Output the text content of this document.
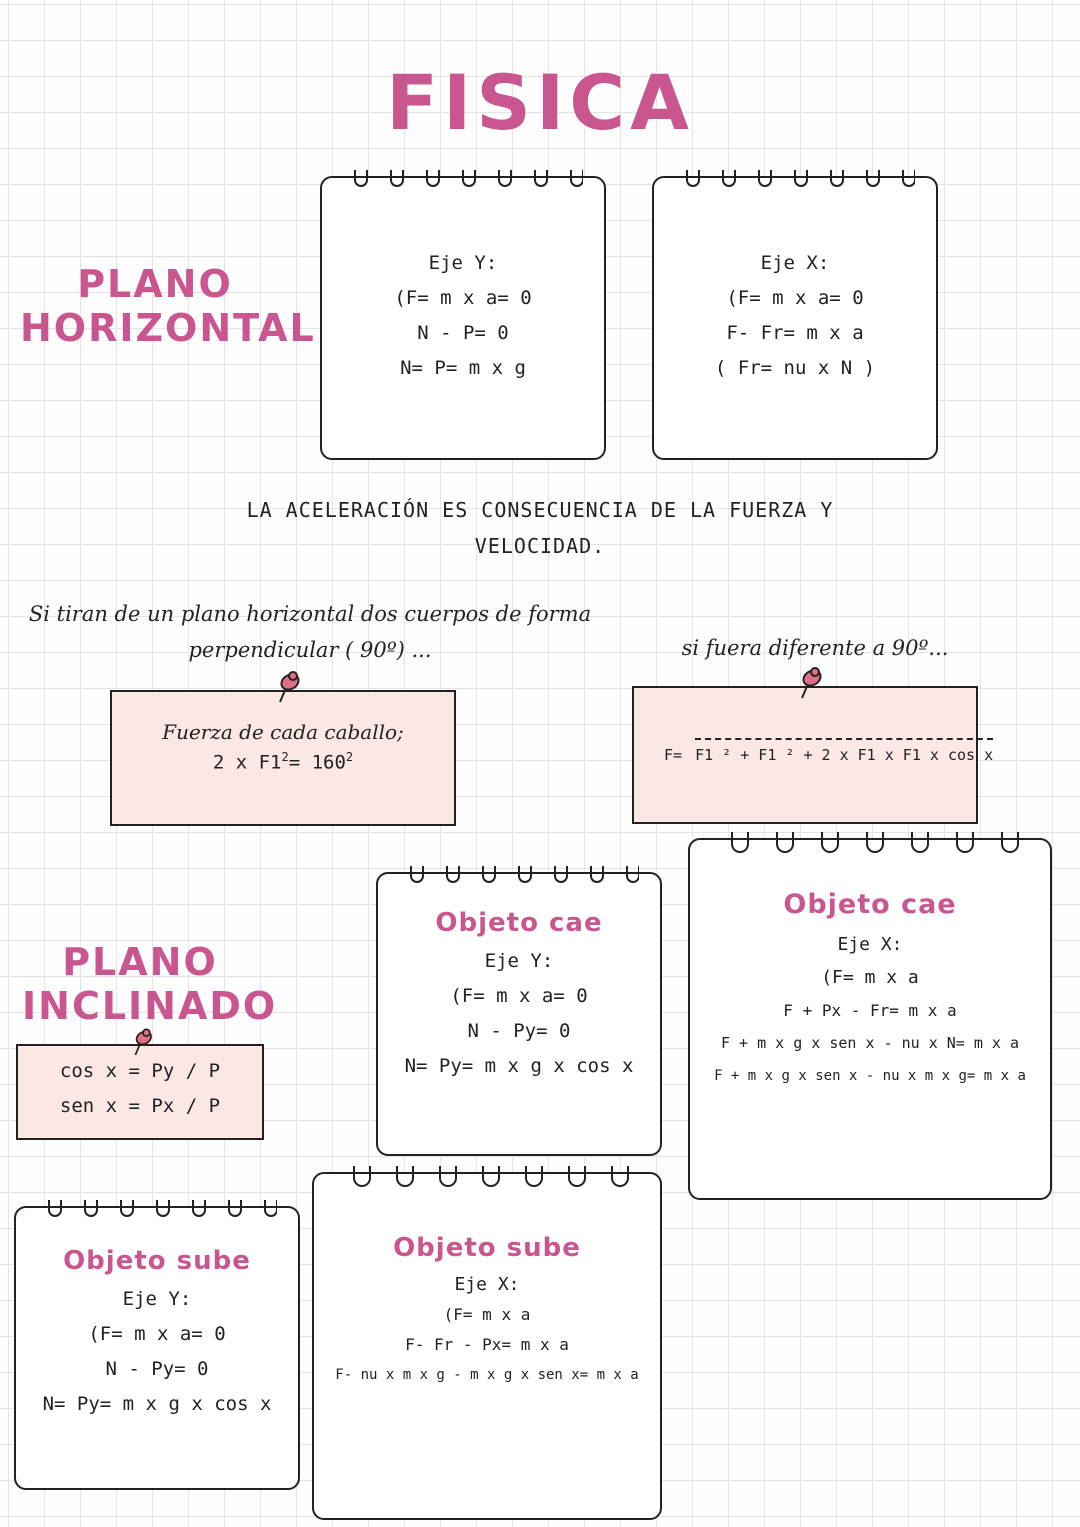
FISICA
PLANO
HORIZONTAL
Eje Y:
(F= m x a= 0
N - P= 0
N= P= m x g
Eje X:
(F= m x a= 0
F- Fr= m x a
( Fr= nu x N )
LA ACELERACIÓN ES CONSECUENCIA DE LA FUERZA Y
VELOCIDAD.
Si tiran de un plano horizontal dos cuerpos de forma
perpendicular ( 90º) ...	si fuera diferente a 90º...
Fuerza de cada caballo;
2 x $F1^2= 160^2$	F= F1 ² + F1 ² + 2 x F1 x F1 x cos x
PLANO
INCLINADO
cos x = Py / P
sen x = Px / P
Objeto cae
Eje Y:
(F= m x a= 0
N - Py= 0
N= Py= m x g x cos x
Objeto cae
Eje X:
(F= m x a
F + Px - Fr= m x a
F + m x g x sen x - nu x N= m x a
F + m x g x sen x - nu x m x g= m x a
Objeto sube
Eje Y:
(F= m x a= 0
N - Py= 0
N= Py= m x g x cos x
Objeto sube
Eje X:
(F= m x a
F- Fr - Px= m x a
F- nu x m x g - m x g x sen x= m x a
